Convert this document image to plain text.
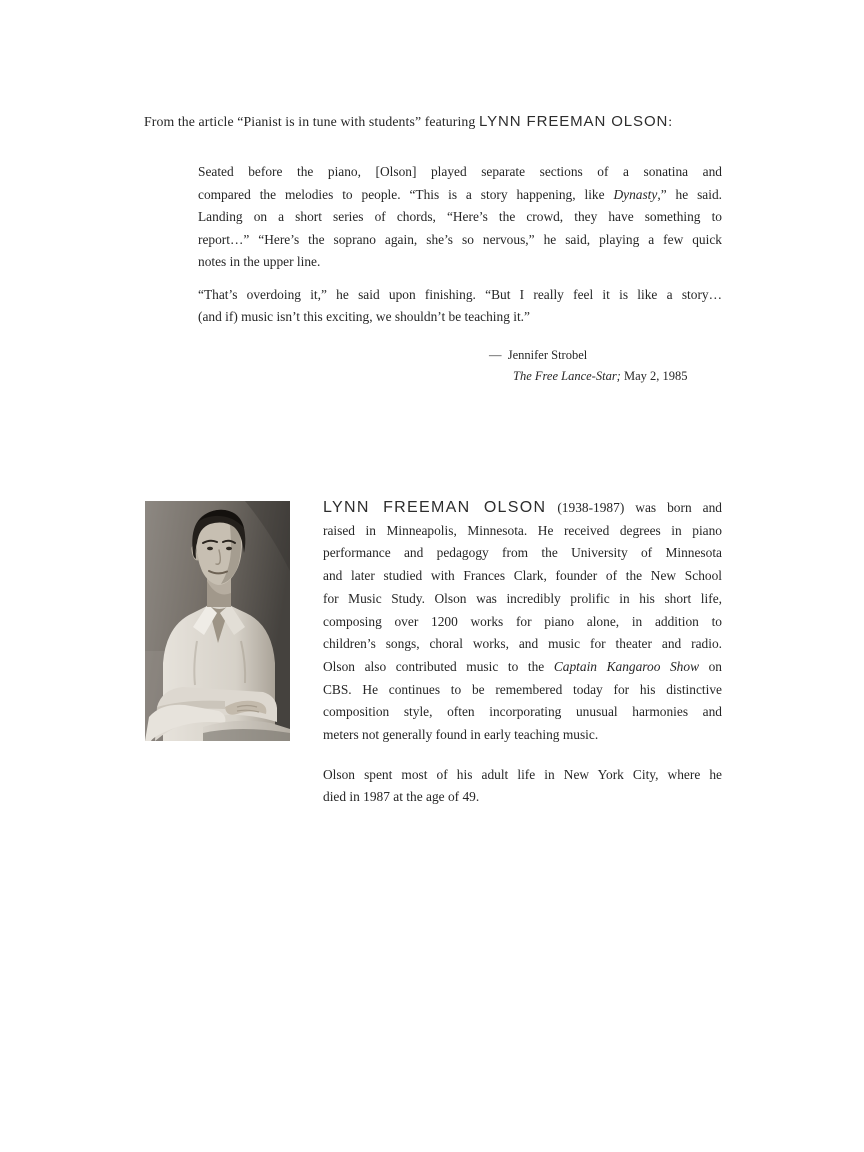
From the article “Pianist is in tune with students” featuring LYNN FREEMAN OLSON:
Seated before the piano, [Olson] played separate sections of a sonatina and
compared the melodies to people. “This is a story happening, like Dynasty,” he said.
Landing on a short series of chords, “Here’s the crowd, they have something to
report…” “Here’s the soprano again, she’s so nervous,” he said, playing a few quick
notes in the upper line.
“That’s overdoing it,” he said upon finishing. “But I really feel it is like a story…
(and if) music isn’t this exciting, we shouldn’t be teaching it.”
— Jennifer Strobel
The Free Lance-Star; May 2, 1985
LYNN FREEMAN OLSON (1938-1987) was born and
raised in Minneapolis, Minnesota. He received degrees in piano
performance and pedagogy from the University of Minnesota
and later studied with Frances Clark, founder of the New School
for Music Study. Olson was incredibly prolific in his short life,
composing over 1200 works for piano alone, in addition to
children’s songs, choral works, and music for theater and radio.
Olson also contributed music to the Captain Kangaroo Show on
CBS. He continues to be remembered today for his distinctive
composition style, often incorporating unusual harmonies and
meters not generally found in early teaching music.
Olson spent most of his adult life in New York City, where he
died in 1987 at the age of 49.
